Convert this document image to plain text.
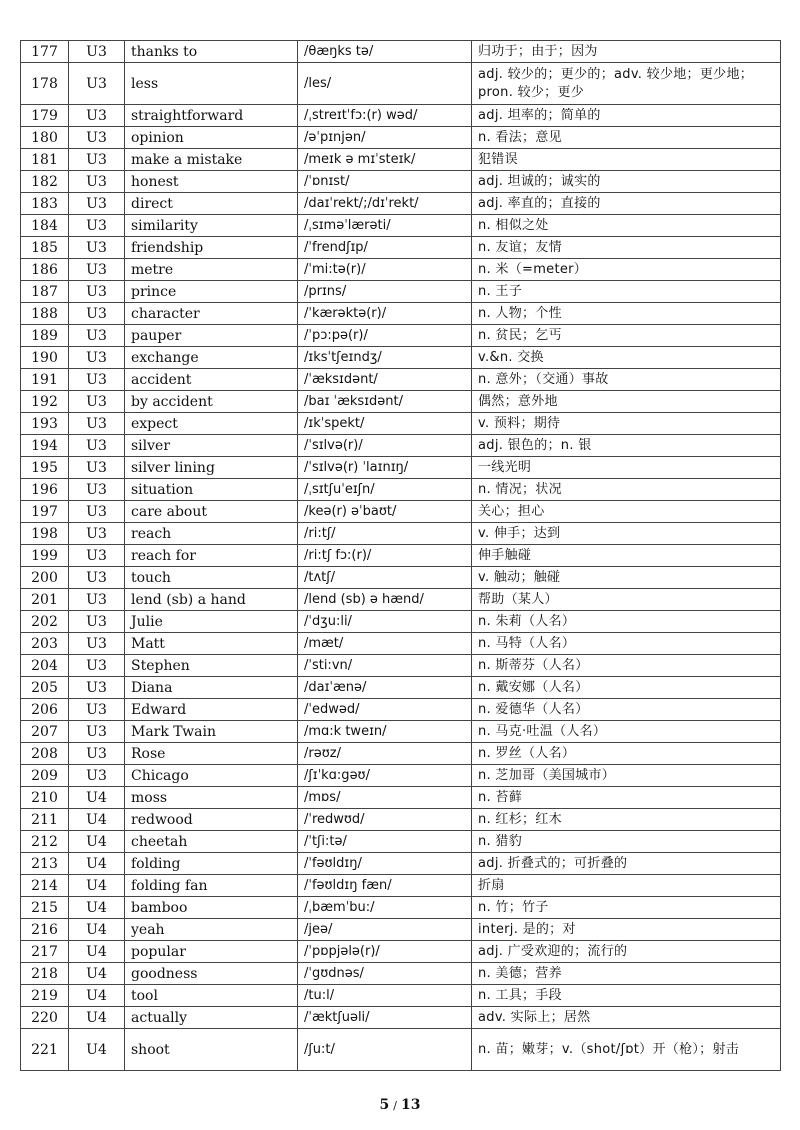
177	U3	thanks to	/θæŋks tə/	归功于；由于；因为
178	U3	less	/les/	adj. 较少的；更少的；adv. 较少地；更少地；pron. 较少；更少
179	U3	straightforward	/ˌstreɪtˈfɔ:(r) wəd/	adj. 坦率的；简单的
180	U3	opinion	/əˈpɪnjən/	n. 看法；意见
181	U3	make a mistake	/meɪk ə mɪˈsteɪk/	犯错误
182	U3	honest	/ˈɒnɪst/	adj. 坦诚的；诚实的
183	U3	direct	/daɪˈrekt/;/dɪˈrekt/	adj. 率直的；直接的
184	U3	similarity	/ˌsɪməˈlærəti/	n. 相似之处
185	U3	friendship	/ˈfrendʃɪp/	n. 友谊；友情
186	U3	metre	/ˈmi:tə(r)/	n. 米（=meter）
187	U3	prince	/prɪns/	n. 王子
188	U3	character	/ˈkærəktə(r)/	n. 人物；个性
189	U3	pauper	/ˈpɔ:pə(r)/	n. 贫民；乞丐
190	U3	exchange	/ɪksˈtʃeɪndʒ/	v.&n. 交换
191	U3	accident	/ˈæksɪdənt/	n. 意外；（交通）事故
192	U3	by accident	/baɪ ˈæksɪdənt/	偶然；意外地
193	U3	expect	/ɪkˈspekt/	v. 预料；期待
194	U3	silver	/ˈsɪlvə(r)/	adj. 银色的；n. 银
195	U3	silver lining	/ˈsɪlvə(r) ˈlaɪnɪŋ/	一线光明
196	U3	situation	/ˌsɪtʃuˈeɪʃn/	n. 情况；状况
197	U3	care about	/keə(r) əˈbaʊt/	关心；担心
198	U3	reach	/ri:tʃ/	v. 伸手；达到
199	U3	reach for	/ri:tʃ fɔ:(r)/	伸手触碰
200	U3	touch	/tʌtʃ/	v. 触动；触碰
201	U3	lend (sb) a hand	/lend (sb) ə hænd/	帮助（某人）
202	U3	Julie	/ˈdʒu:li/	n. 朱莉（人名）
203	U3	Matt	/mæt/	n. 马特（人名）
204	U3	Stephen	/ˈsti:vn/	n. 斯蒂芬（人名）
205	U3	Diana	/daɪˈænə/	n. 戴安娜（人名）
206	U3	Edward	/ˈedwəd/	n. 爱德华（人名）
207	U3	Mark Twain	/mɑ:k tweɪn/	n. 马克·吐温（人名）
208	U3	Rose	/rəʊz/	n. 罗丝（人名）
209	U3	Chicago	/ʃɪˈkɑ:gəʊ/	n. 芝加哥（美国城市）
210	U4	moss	/mɒs/	n. 苔藓
211	U4	redwood	/ˈredwʊd/	n. 红杉；红木
212	U4	cheetah	/ˈtʃi:tə/	n. 猎豹
213	U4	folding	/ˈfəʊldɪŋ/	adj. 折叠式的；可折叠的
214	U4	folding fan	/ˈfəʊldɪŋ fæn/	折扇
215	U4	bamboo	/ˌbæmˈbu:/	n. 竹；竹子
216	U4	yeah	/jeə/	interj. 是的；对
217	U4	popular	/ˈpɒpjələ(r)/	adj. 广受欢迎的；流行的
218	U4	goodness	/ˈgʊdnəs/	n. 美德；营养
219	U4	tool	/tu:l/	n. 工具；手段
220	U4	actually	/ˈæktʃuəli/	adv. 实际上；居然
221	U4	shoot	/ʃu:t/	n. 苗；嫩芽；v.（shot/ʃɒt）开（枪）；射击
5 / 13
